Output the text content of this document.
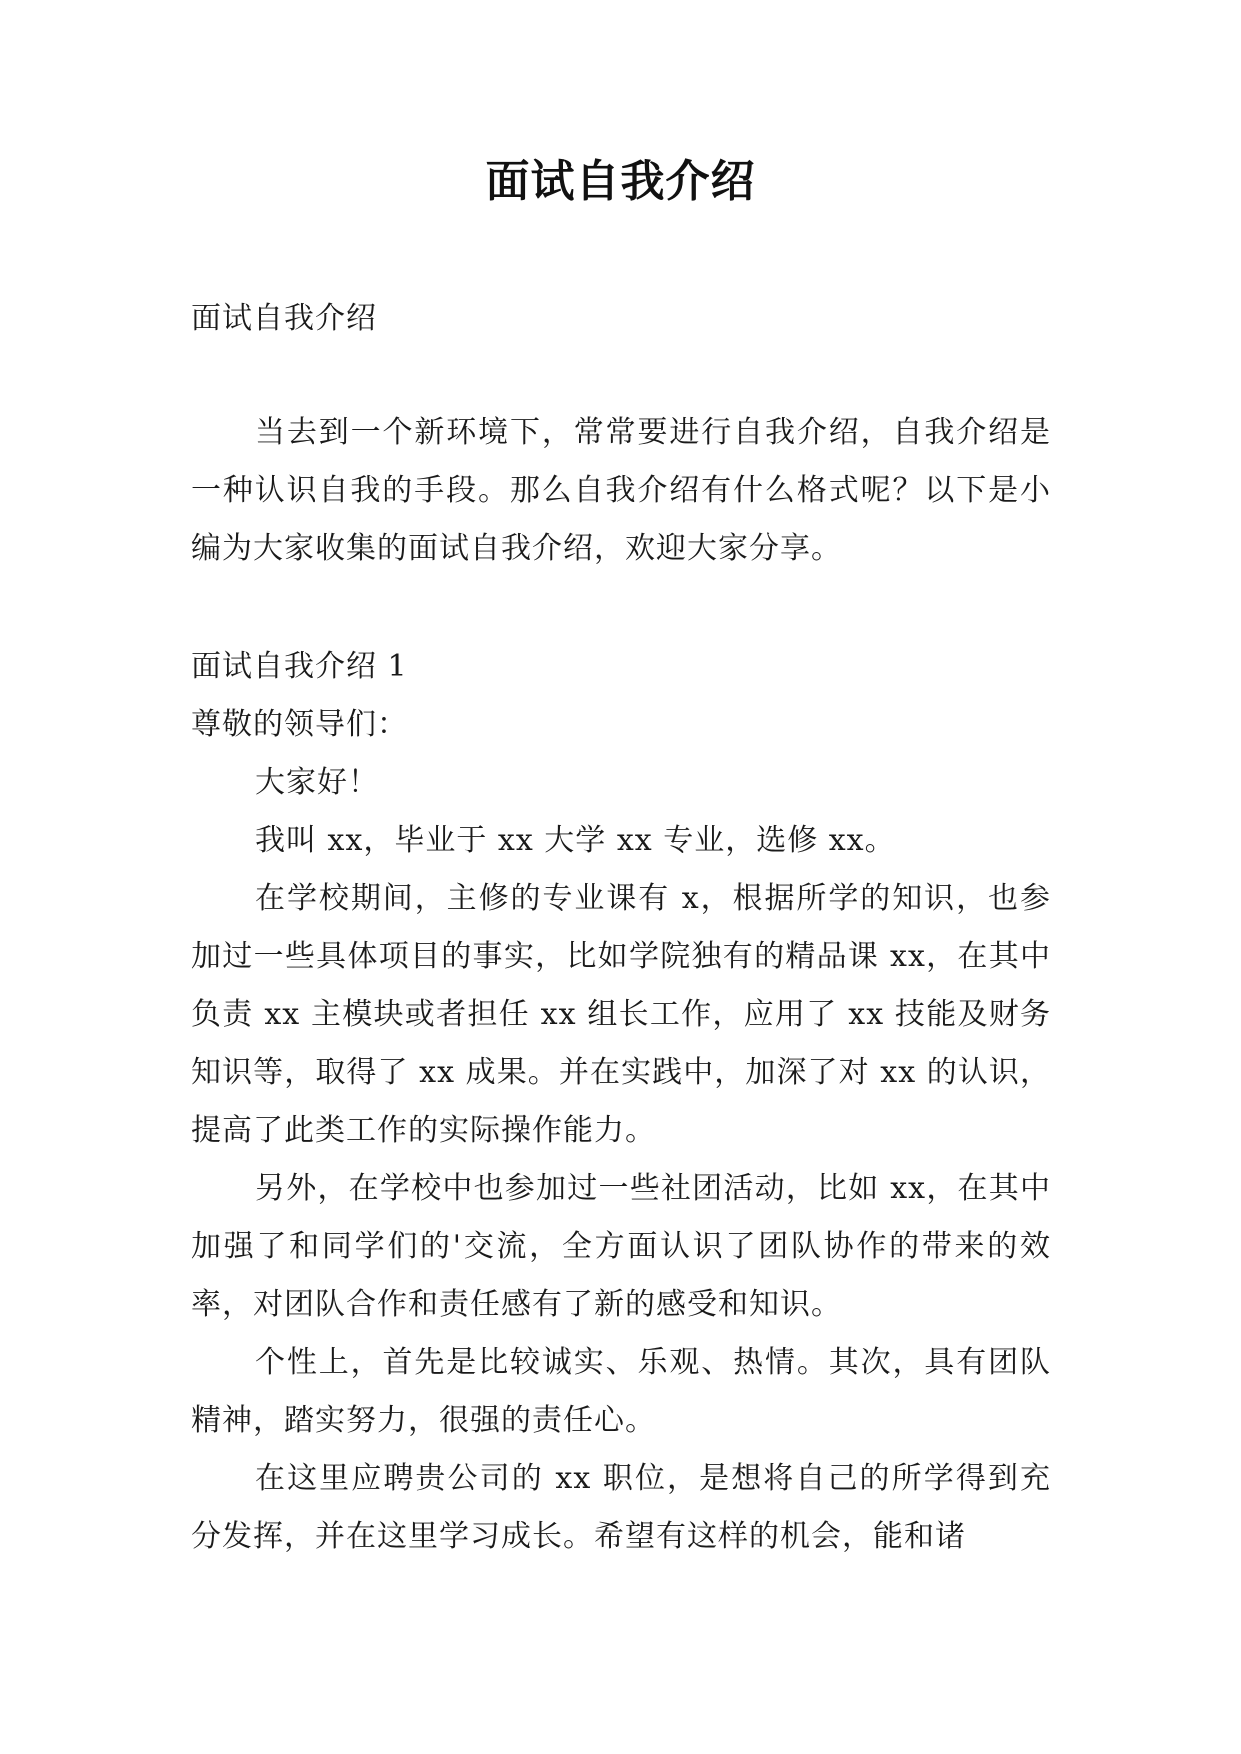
面试自我介绍
面试自我介绍

当去到一个新环境下，常常要进行自我介绍，自我介绍是一种认识自我的手段。那么自我介绍有什么格式呢？以下是小编为大家收集的面试自我介绍，欢迎大家分享。

面试自我介绍 1
尊敬的领导们：

大家好！

我叫 xx，毕业于 xx 大学 xx 专业，选修 xx。

在学校期间，主修的专业课有 x，根据所学的知识，也参加过一些具体项目的事实，比如学院独有的精品课 xx，在其中负责 xx 主模块或者担任 xx 组长工作，应用了 xx 技能及财务知识等，取得了 xx 成果。并在实践中，加深了对 xx 的认识，提高了此类工作的实际操作能力。

另外，在学校中也参加过一些社团活动，比如 xx，在其中加强了和同学们的'交流，全方面认识了团队协作的带来的效率，对团队合作和责任感有了新的感受和知识。

个性上，首先是比较诚实、乐观、热情。其次，具有团队精神，踏实努力，很强的责任心。

在这里应聘贵公司的 xx 职位，是想将自己的所学得到充分发挥，并在这里学习成长。希望有这样的机会，能和诸
